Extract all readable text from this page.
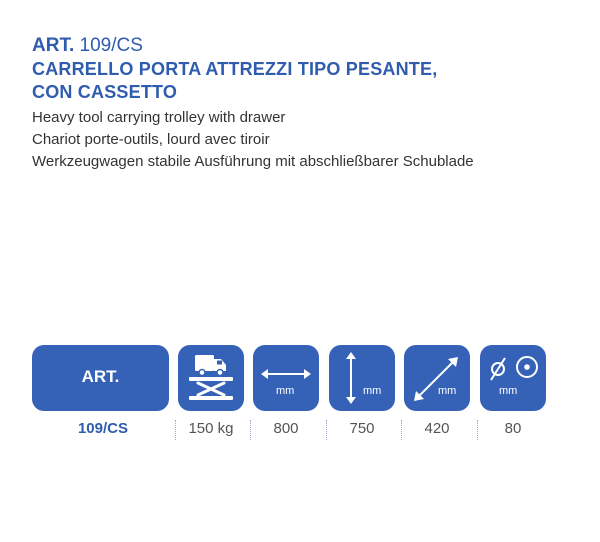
ART. 109/CS
CARRELLO PORTA ATTREZZI TIPO PESANTE,
CON CASSETTO
Heavy tool carrying trolley with drawer
Chariot porte-outils, lourd avec tiroir
Werkzeugwagen stabile Ausführung mit abschließbarer Schublade
ART.
mm	mm	mm	mm
109/CS	150 kg	800	750	420	80
